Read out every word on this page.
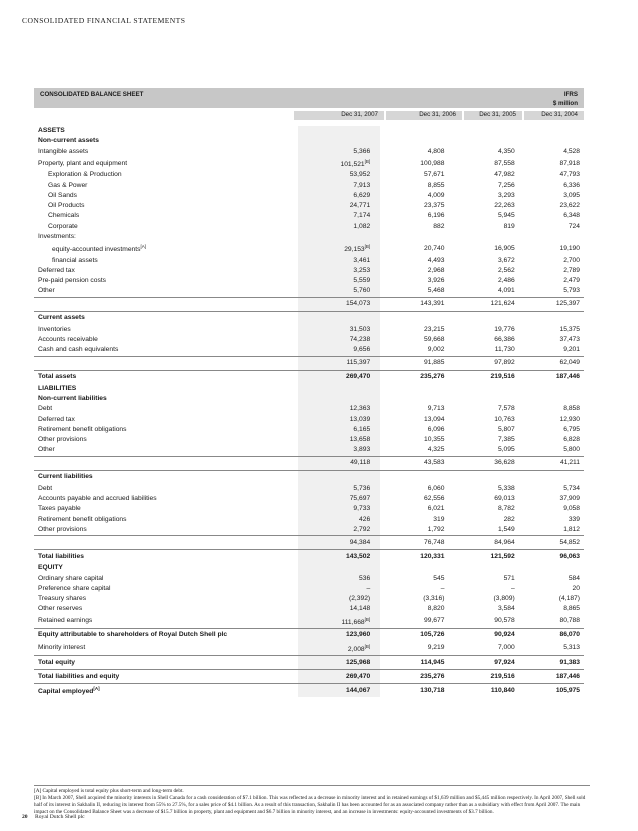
CONSOLIDATED FINANCIAL STATEMENTS
CONSOLIDATED BALANCE SHEET	IFRS
$ million
Dec 31, 2007	Dec 31, 2006	Dec 31, 2005	Dec 31, 2004
ASSETS				
Non-current assets				
Intangible assets	5,366	4,808	4,350	4,528
Property, plant and equipment	101,521[B]	100,988	87,558	87,918
Exploration & Production	53,952	57,671	47,982	47,793
Gas & Power	7,913	8,855	7,256	6,336
Oil Sands	6,629	4,009	3,293	3,095
Oil Products	24,771	23,375	22,263	23,622
Chemicals	7,174	6,196	5,945	6,348
Corporate	1,082	882	819	724
Investments:				
equity-accounted investments[A]	29,153[B]	20,740	16,905	19,190
financial assets	3,461	4,493	3,672	2,700
Deferred tax	3,253	2,968	2,562	2,789
Pre-paid pension costs	5,559	3,926	2,486	2,479
Other	5,760	5,468	4,091	5,793
	154,073	143,391	121,624	125,397
Current assets				
Inventories	31,503	23,215	19,776	15,375
Accounts receivable	74,238	59,668	66,386	37,473
Cash and cash equivalents	9,656	9,002	11,730	9,201
	115,397	91,885	97,892	62,049
Total assets	269,470	235,276	219,516	187,446
LIABILITIES				
Non-current liabilities				
Debt	12,363	9,713	7,578	8,858
Deferred tax	13,039	13,094	10,763	12,930
Retirement benefit obligations	6,165	6,096	5,807	6,795
Other provisions	13,658	10,355	7,385	6,828
Other	3,893	4,325	5,095	5,800
	49,118	43,583	36,628	41,211
Current liabilities				
Debt	5,736	6,060	5,338	5,734
Accounts payable and accrued liabilities	75,697	62,556	69,013	37,909
Taxes payable	9,733	6,021	8,782	9,058
Retirement benefit obligations	426	319	282	339
Other provisions	2,792	1,792	1,549	1,812
	94,384	76,748	84,964	54,852
Total liabilities	143,502	120,331	121,592	96,063
EQUITY				
Ordinary share capital	536	545	571	584
Preference share capital	–	–	–	20
Treasury shares	(2,392)	(3,316)	(3,809)	(4,187)
Other reserves	14,148	8,820	3,584	8,865
Retained earnings	111,668[B]	99,677	90,578	80,788
Equity attributable to shareholders of Royal Dutch Shell plc	123,960	105,726	90,924	86,070
Minority interest	2,008[B]	9,219	7,000	5,313
Total equity	125,968	114,945	97,924	91,383
Total liabilities and equity	269,470	235,276	219,516	187,446
Capital employed[A]	144,067	130,718	110,840	105,975
[A] Capital employed is total equity plus short-term and long-term debt.
[B] In March 2007, Shell acquired the minority interests in Shell Canada for a cash consideration of $7.1 billion. This was reflected as a decrease in minority interest and in retained earnings of $1,639 million and $5,445 million respectively. In April 2007, Shell sold half of its interest in Sakhalin II, reducing its interest from 55% to 27.5%, for a sales price of $4.1 billion. As a result of this transaction, Sakhalin II has been accounted for as an associated company rather than as a subsidiary with effect from April 2007. The main impact on the Consolidated Balance Sheet was a decrease of $15.7 billion in property, plant and equipment and $6.7 billion in minority interest, and an increase in investments: equity-accounted investments of $3.7 billion.
20 Royal Dutch Shell plc
